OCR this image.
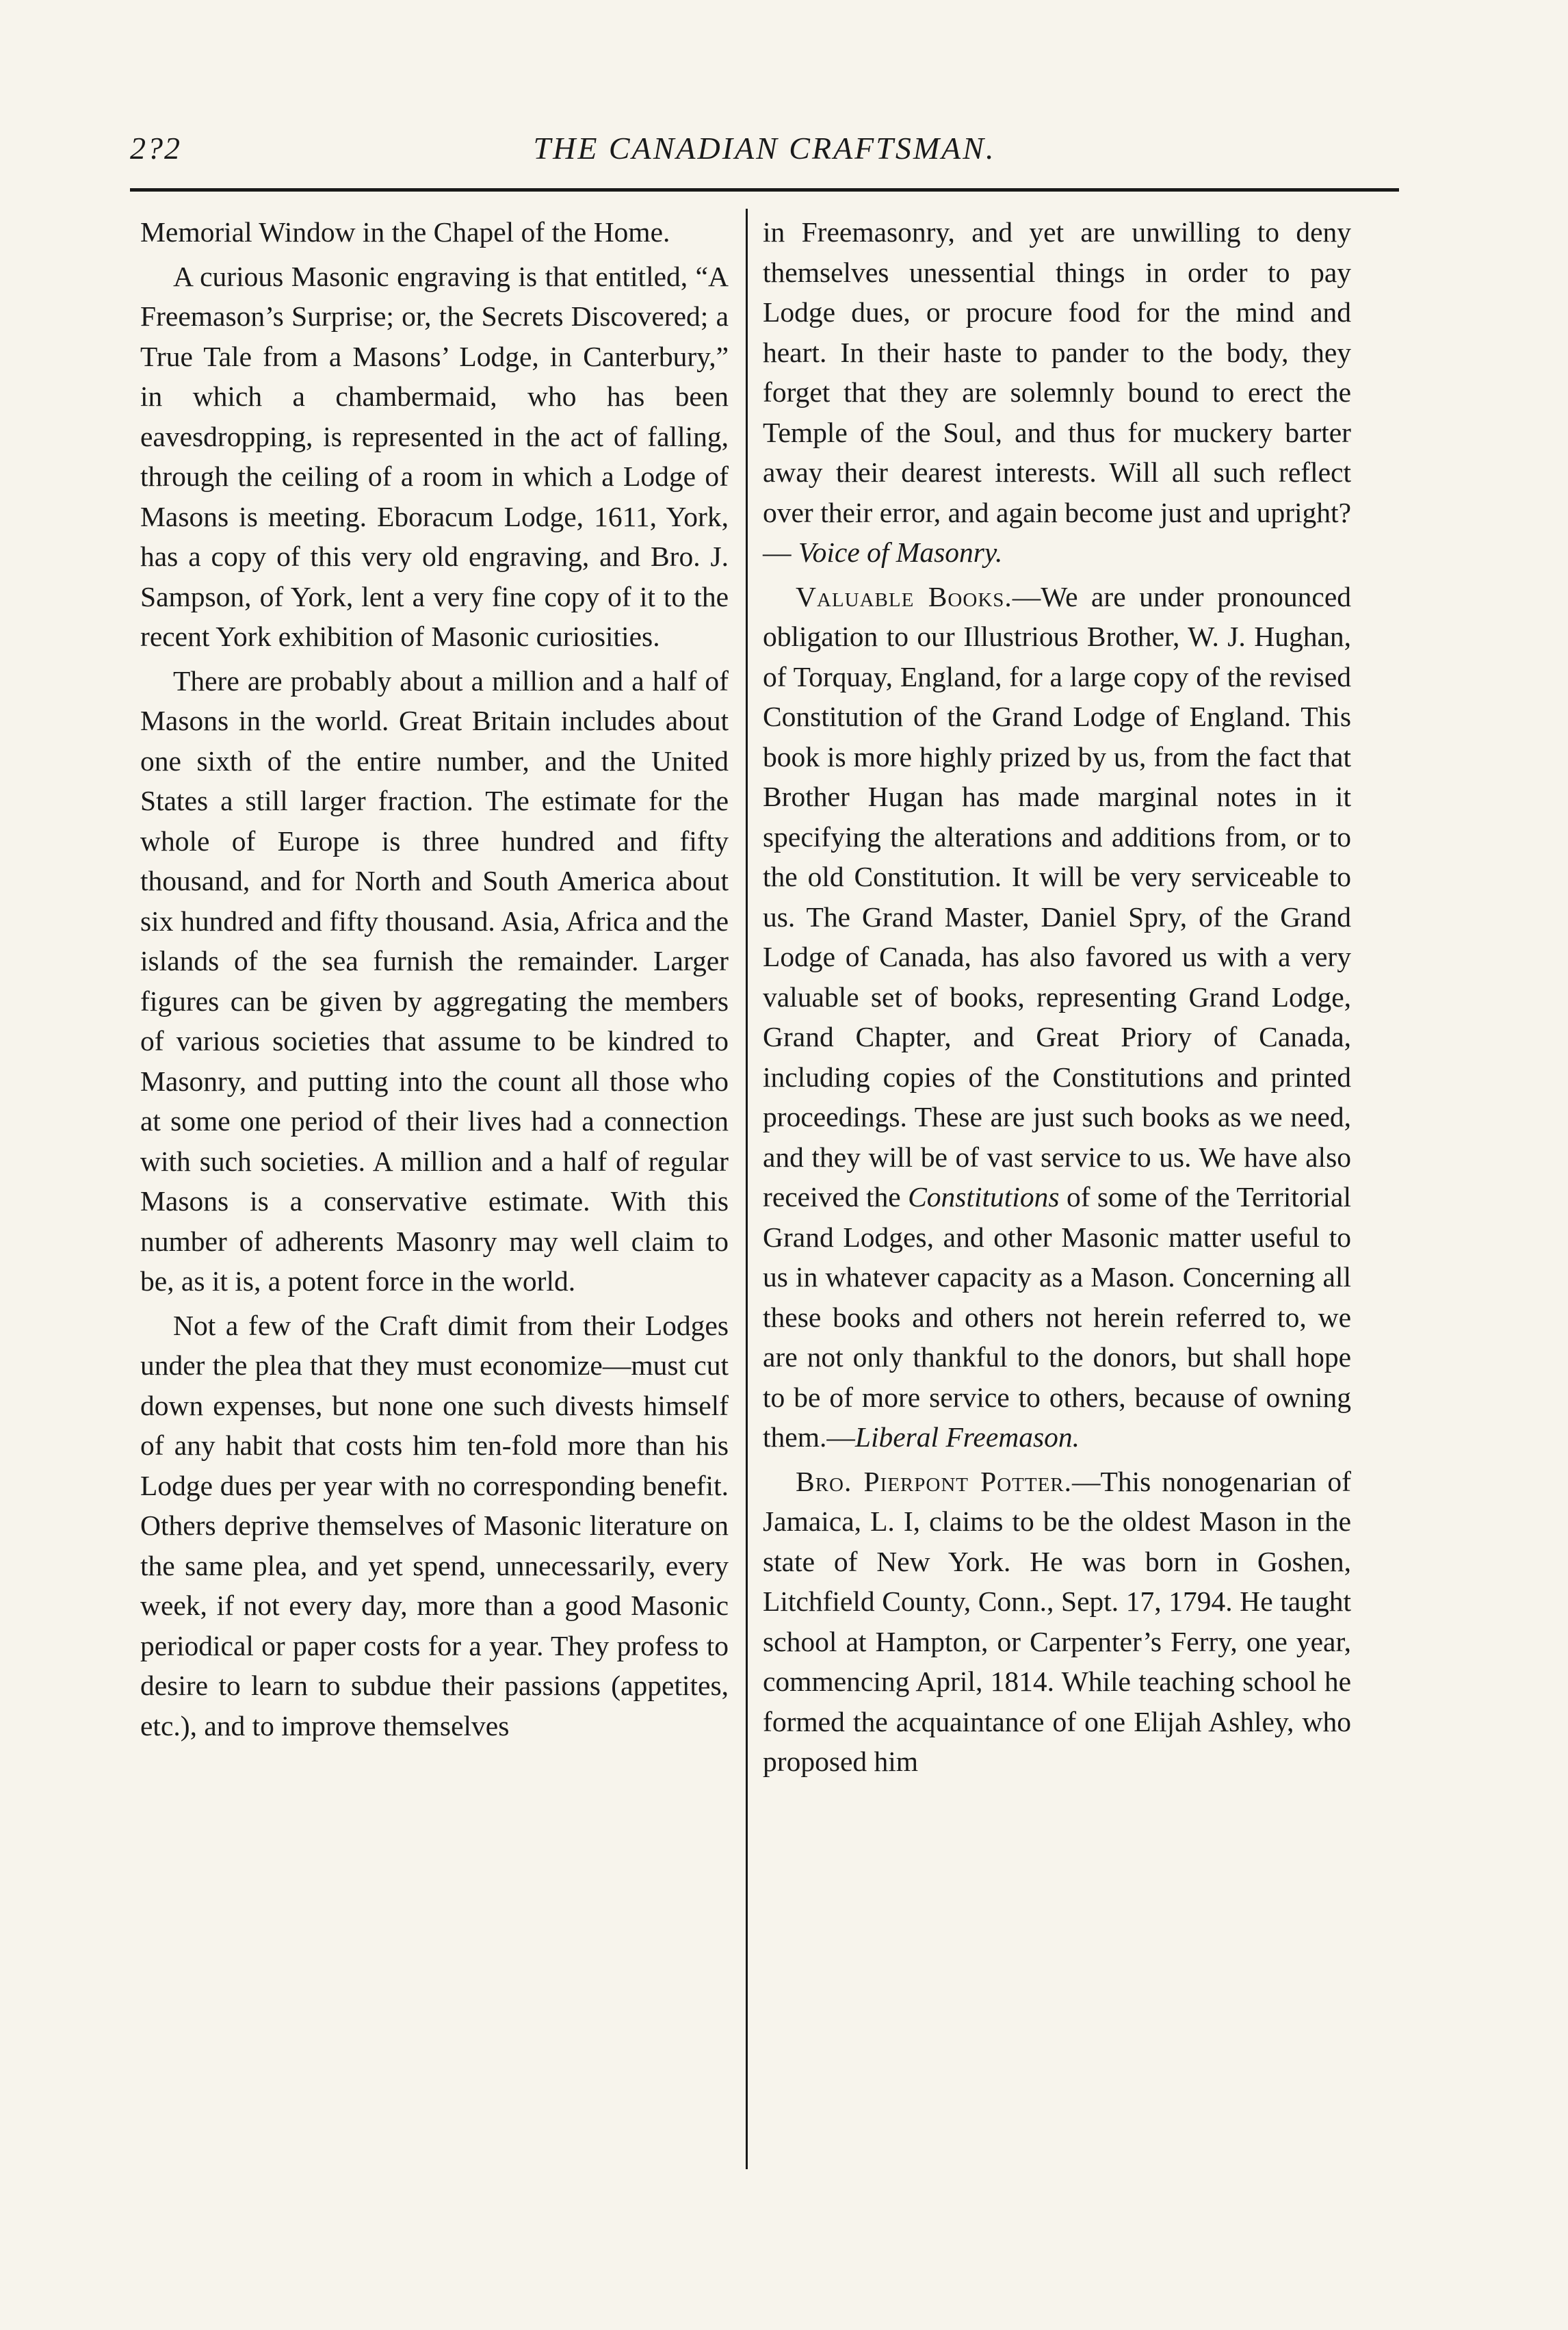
2?2	THE CANADIAN CRAFTSMAN.

Memorial Window in the Chapel of the Home.

A curious Masonic engraving is that entitled, “A Freemason’s Surprise; or, the Secrets Discovered; a True Tale from a Masons’ Lodge, in Canterbury,” in which a chambermaid, who has been eavesdropping, is represented in the act of falling, through the ceiling of a room in which a Lodge of Masons is meeting. Eboracum Lodge, 1611, York, has a copy of this very old engraving, and Bro. J. Sampson, of York, lent a very fine copy of it to the recent York exhibition of Masonic curiosities.

There are probably about a million and a half of Masons in the world. Great Britain includes about one sixth of the entire number, and the United States a still larger fraction. The estimate for the whole of Europe is three hundred and fifty thousand, and for North and South America about six hundred and fifty thousand. Asia, Africa and the islands of the sea furnish the remainder. Larger figures can be given by aggregating the members of various societies that assume to be kindred to Masonry, and putting into the count all those who at some one period of their lives had a connection with such societies. A million and a half of regular Masons is a conservative estimate. With this number of adherents Masonry may well claim to be, as it is, a potent force in the world.

Not a few of the Craft dimit from their Lodges under the plea that they must economize—must cut down expenses, but none one such divests himself of any habit that costs him ten-fold more than his Lodge dues per year with no corresponding benefit. Others deprive themselves of Masonic literature on the same plea, and yet spend, unnecessarily, every week, if not every day, more than a good Masonic periodical or paper costs for a year. They profess to desire to learn to subdue their passions (appetites, etc.), and to improve themselves

in Freemasonry, and yet are unwilling to deny themselves unessential things in order to pay Lodge dues, or procure food for the mind and heart. In their haste to pander to the body, they forget that they are solemnly bound to erect the Temple of the Soul, and thus for muckery barter away their dearest interests. Will all such reflect over their error, and again become just and upright?— Voice of Masonry.

Valuable Books.—We are under pronounced obligation to our Illustrious Brother, W. J. Hughan, of Torquay, England, for a large copy of the revised Constitution of the Grand Lodge of England. This book is more highly prized by us, from the fact that Brother Hugan has made marginal notes in it specifying the alterations and additions from, or to the old Constitution. It will be very serviceable to us. The Grand Master, Daniel Spry, of the Grand Lodge of Canada, has also favored us with a very valuable set of books, representing Grand Lodge, Grand Chapter, and Great Priory of Canada, including copies of the Constitutions and printed proceedings. These are just such books as we need, and they will be of vast service to us. We have also received the Constitutions of some of the Territorial Grand Lodges, and other Masonic matter useful to us in whatever capacity as a Mason. Concerning all these books and others not herein referred to, we are not only thankful to the donors, but shall hope to be of more service to others, because of owning them.—Liberal Freemason.

Bro. Pierpont Potter.—This nonogenarian of Jamaica, L. I, claims to be the oldest Mason in the state of New York. He was born in Goshen, Litchfield County, Conn., Sept. 17, 1794. He taught school at Hampton, or Carpenter’s Ferry, one year, commencing April, 1814. While teaching school he formed the acquaintance of one Elijah Ashley, who proposed him
